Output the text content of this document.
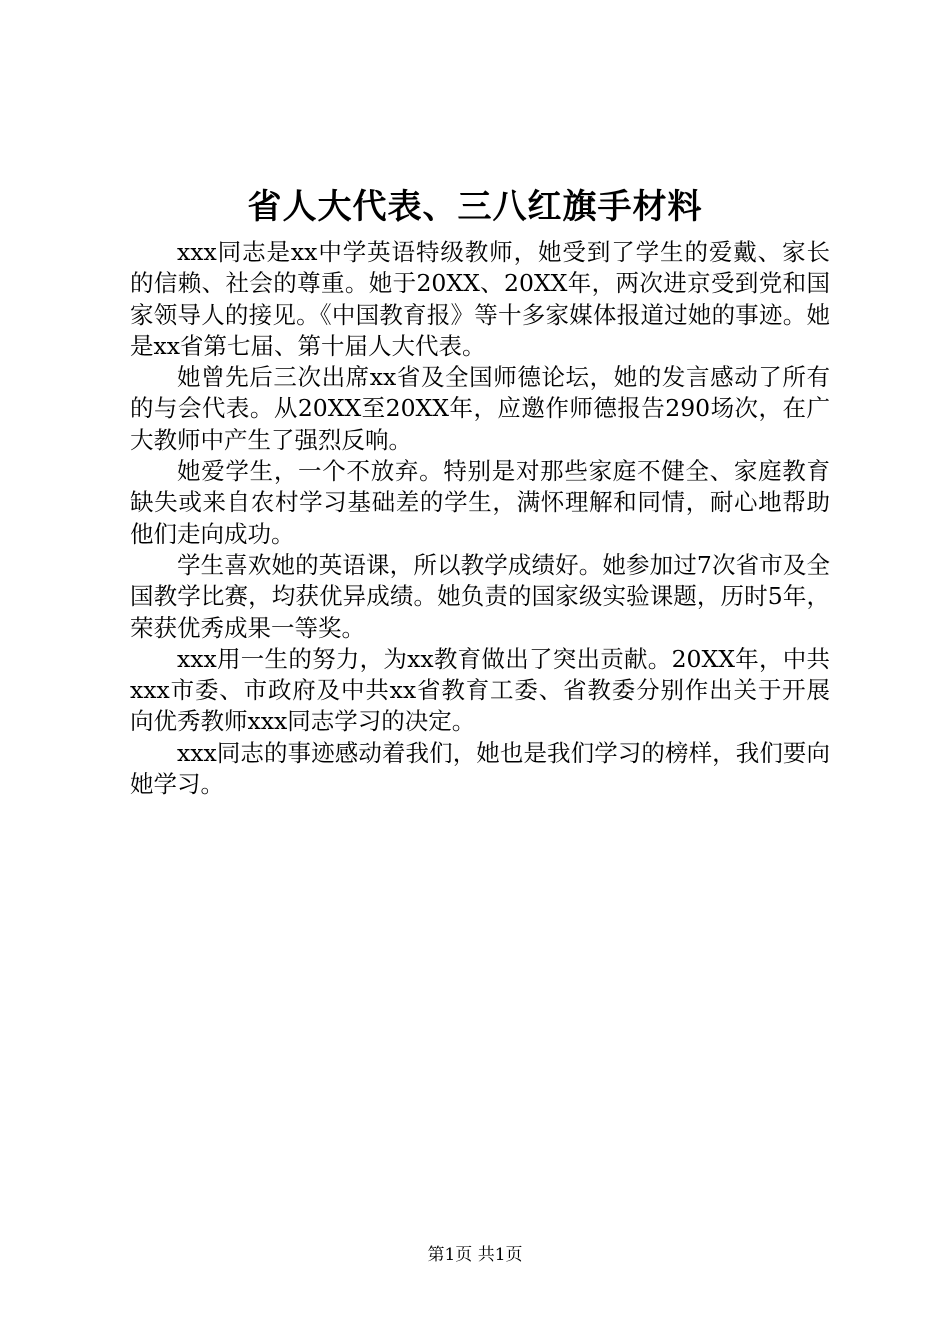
省人大代表、三八红旗手材料

xxx同志是xx中学英语特级教师，她受到了学生的爱戴、家长的信赖、社会的尊重。她于20XX、20XX年，两次进京受到党和国家领导人的接见。《中国教育报》等十多家媒体报道过她的事迹。她是xx省第七届、第十届人大代表。

她曾先后三次出席xx省及全国师德论坛，她的发言感动了所有的与会代表。从20XX至20XX年，应邀作师德报告290场次，在广大教师中产生了强烈反响。

她爱学生，一个不放弃。特别是对那些家庭不健全、家庭教育缺失或来自农村学习基础差的学生，满怀理解和同情，耐心地帮助他们走向成功。

学生喜欢她的英语课，所以教学成绩好。她参加过7次省市及全国教学比赛，均获优异成绩。她负责的国家级实验课题，历时5年，荣获优秀成果一等奖。

xxx用一生的努力，为xx教育做出了突出贡献。20XX年，中共xxx市委、市政府及中共xx省教育工委、省教委分别作出关于开展向优秀教师xxx同志学习的决定。

xxx同志的事迹感动着我们，她也是我们学习的榜样，我们要向她学习。

第1页 共1页
